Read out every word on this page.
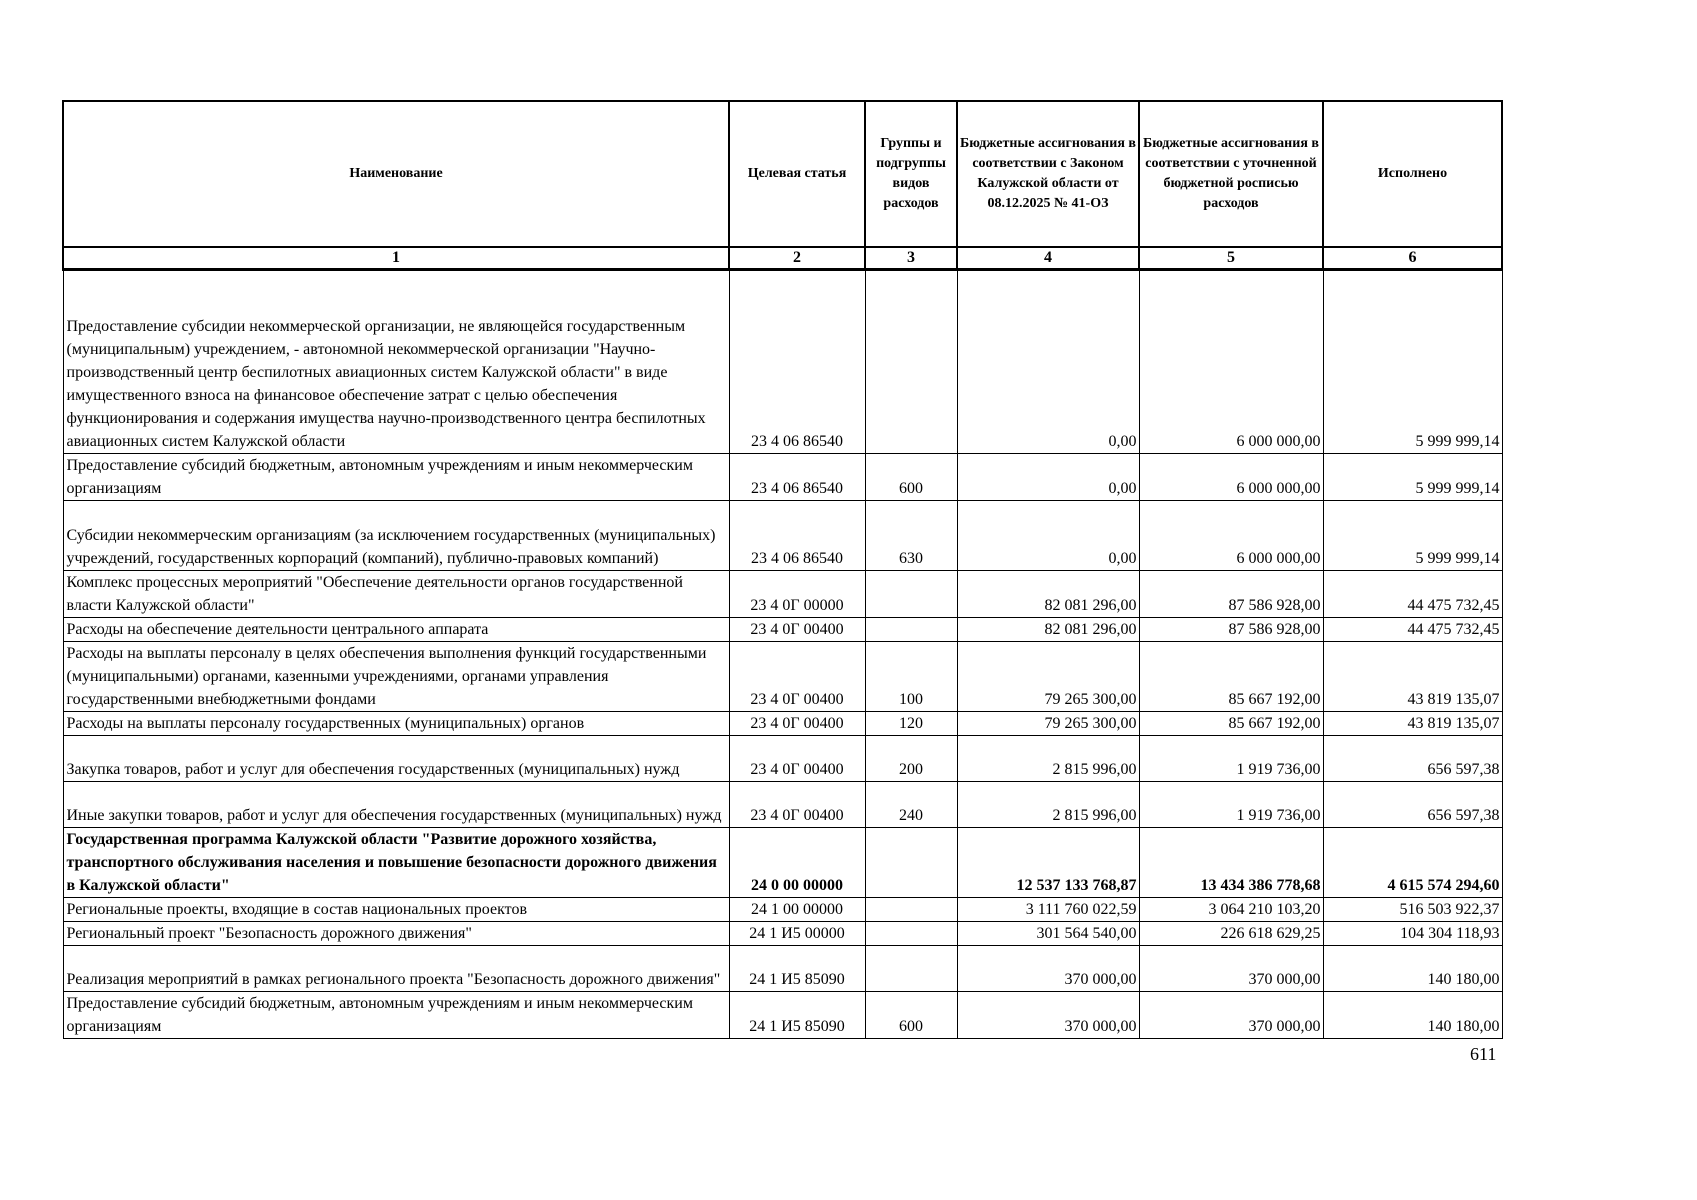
Наименование	Целевая статья	Группы и подгруппы видов расходов	Бюджетные ассигнования в соответствии с Законом Калужской области от 08.12.2025 № 41-ОЗ	Бюджетные ассигнования в соответствии с уточненной бюджетной росписью расходов	Исполнено
1	2	3	4	5	6
Предоставление субсидии некоммерческой организации, не являющейся государственным (муниципальным) учреждением, - автономной некоммерческой организации "Научно-производственный центр беспилотных авиационных систем Калужской области" в виде имущественного взноса на финансовое обеспечение затрат с целью обеспечения функционирования и содержания имущества научно-производственного центра беспилотных авиационных систем Калужской области	23 4 06 86540		0,00	6 000 000,00	5 999 999,14
Предоставление субсидий бюджетным, автономным учреждениям и иным некоммерческим организациям	23 4 06 86540	600	0,00	6 000 000,00	5 999 999,14
Субсидии некоммерческим организациям (за исключением государственных (муниципальных) учреждений, государственных корпораций (компаний), публично-правовых компаний)	23 4 06 86540	630	0,00	6 000 000,00	5 999 999,14
Комплекс процессных мероприятий "Обеспечение деятельности органов государственной власти Калужской области"	23 4 0Г 00000		82 081 296,00	87 586 928,00	44 475 732,45
Расходы на обеспечение деятельности центрального аппарата	23 4 0Г 00400		82 081 296,00	87 586 928,00	44 475 732,45
Расходы на выплаты персоналу в целях обеспечения выполнения функций государственными (муниципальными) органами, казенными учреждениями, органами управления государственными внебюджетными фондами	23 4 0Г 00400	100	79 265 300,00	85 667 192,00	43 819 135,07
Расходы на выплаты персоналу государственных (муниципальных) органов	23 4 0Г 00400	120	79 265 300,00	85 667 192,00	43 819 135,07
Закупка товаров, работ и услуг для обеспечения государственных (муниципальных) нужд	23 4 0Г 00400	200	2 815 996,00	1 919 736,00	656 597,38
Иные закупки товаров, работ и услуг для обеспечения государственных (муниципальных) нужд	23 4 0Г 00400	240	2 815 996,00	1 919 736,00	656 597,38
Государственная программа Калужской области "Развитие дорожного хозяйства, транспортного обслуживания населения и повышение безопасности дорожного движения в Калужской области"	24 0 00 00000		12 537 133 768,87	13 434 386 778,68	4 615 574 294,60
Региональные проекты, входящие в состав национальных проектов	24 1 00 00000		3 111 760 022,59	3 064 210 103,20	516 503 922,37
Региональный проект "Безопасность дорожного движения"	24 1 И5 00000		301 564 540,00	226 618 629,25	104 304 118,93
Реализация мероприятий в рамках регионального проекта "Безопасность дорожного движения"	24 1 И5 85090		370 000,00	370 000,00	140 180,00
Предоставление субсидий бюджетным, автономным учреждениям и иным некоммерческим организациям	24 1 И5 85090	600	370 000,00	370 000,00	140 180,00
611
